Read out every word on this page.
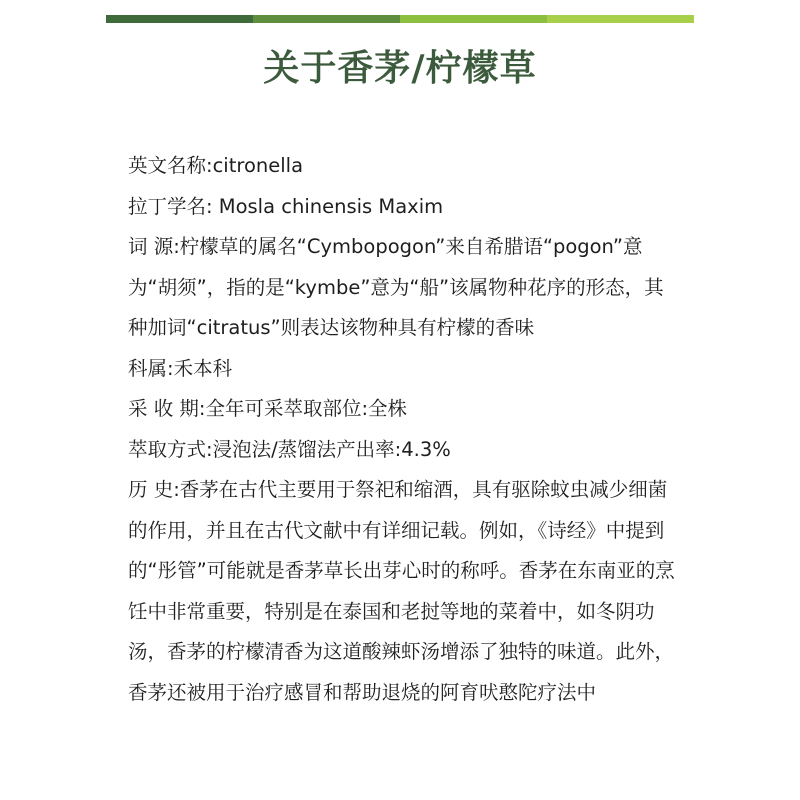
关于香茅/柠檬草

英文名称:citronella

拉丁学名: Mosla chinensis Maxim

词 源:柠檬草的属名“Cymbopogon”来自希腊语“pogon”意为“胡须”，指的是“kymbe”意为“船”该属物种花序的形态，其种加词“citratus”则表达该物种具有柠檬的香味

科属:禾本科

采 收 期:全年可采萃取部位:全株

萃取方式:浸泡法/蒸馏法产出率:4.3%

历 史:香茅在古代主要用于祭祀和缩酒，具有驱除蚊虫减少细菌的作用，并且在古代文献中有详细记载。例如，《诗经》中提到的“彤管”可能就是香茅草长出芽心时的称呼。香茅在东南亚的烹饪中非常重要，特别是在泰国和老挝等地的菜着中，如冬阴功汤，香茅的柠檬清香为这道酸辣虾汤增添了独特的味道。此外，香茅还被用于治疗感冒和帮助退烧的阿育吠憨陀疗法中
